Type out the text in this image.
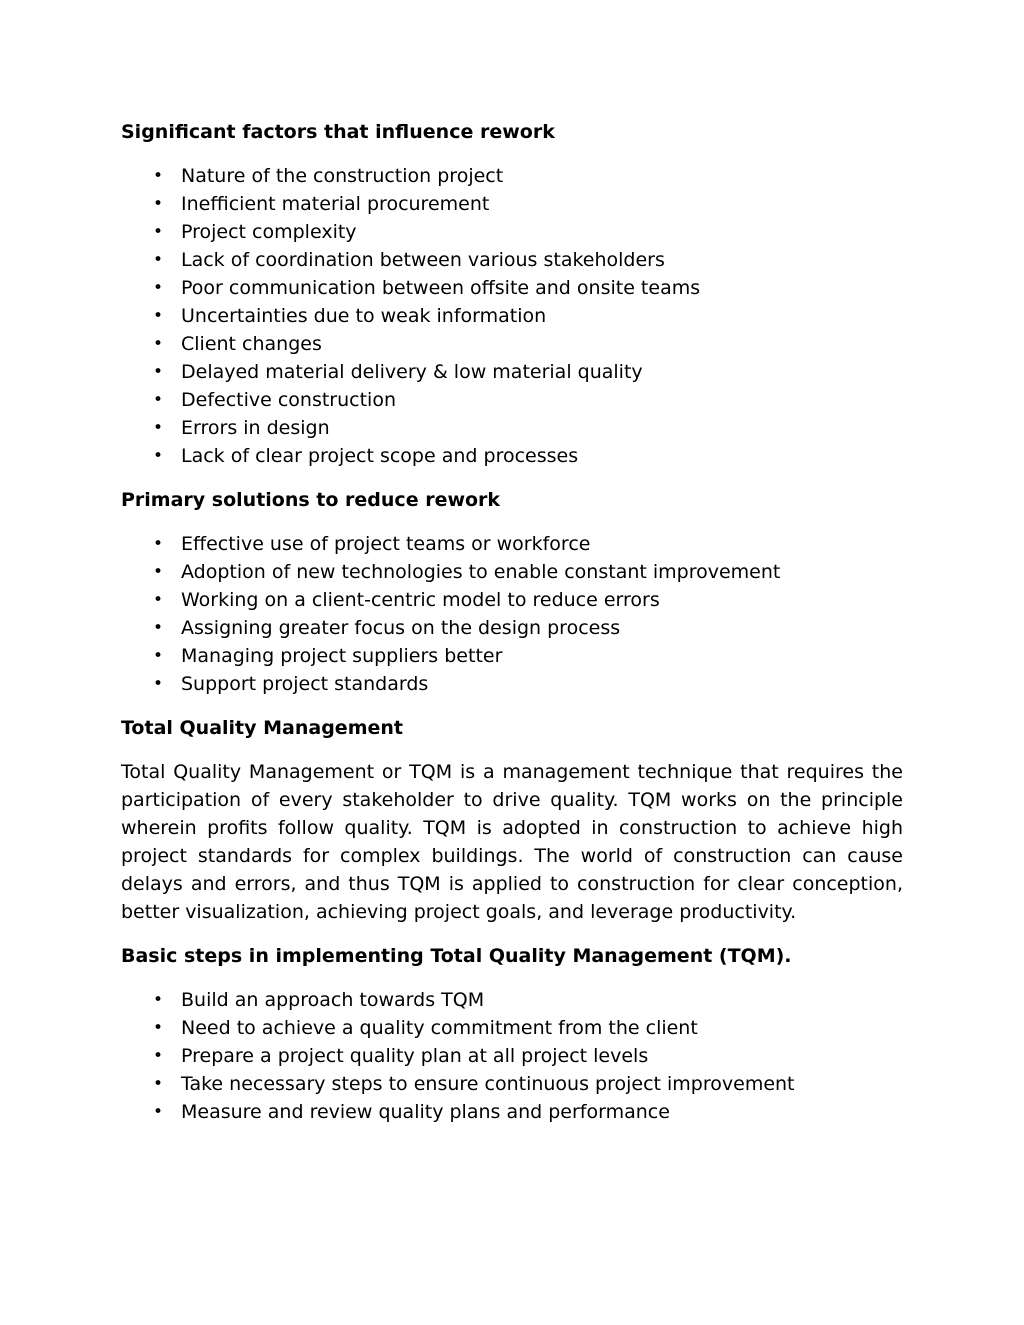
Significant factors that influence rework
• Nature of the construction project
• Inefficient material procurement
• Project complexity
• Lack of coordination between various stakeholders
• Poor communication between offsite and onsite teams
• Uncertainties due to weak information
• Client changes
• Delayed material delivery & low material quality
• Defective construction
• Errors in design
• Lack of clear project scope and processes
Primary solutions to reduce rework
• Effective use of project teams or workforce
• Adoption of new technologies to enable constant improvement
• Working on a client-centric model to reduce errors
• Assigning greater focus on the design process
• Managing project suppliers better
• Support project standards
Total Quality Management

Total Quality Management or TQM is a management technique that requires the participation of every stakeholder to drive quality. TQM works on the principle wherein profits follow quality. TQM is adopted in construction to achieve high project standards for complex buildings. The world of construction can cause delays and errors, and thus TQM is applied to construction for clear conception, better visualization, achieving project goals, and leverage productivity.

Basic steps in implementing Total Quality Management (TQM).
• Build an approach towards TQM
• Need to achieve a quality commitment from the client
• Prepare a project quality plan at all project levels
• Take necessary steps to ensure continuous project improvement
• Measure and review quality plans and performance
